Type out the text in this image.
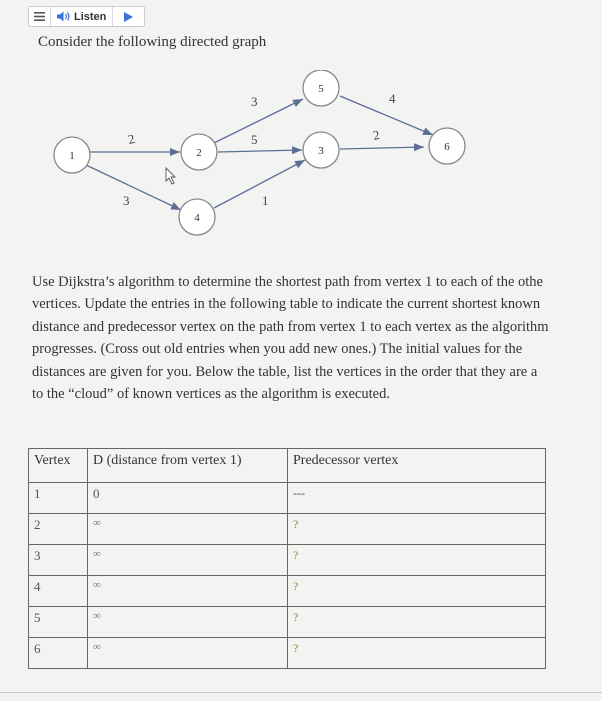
Listen
Consider the following directed graph
2
3
3
5
1
4
2
1	2	3
4
5
6
Use Dijkstra’s algorithm to determine the shortest path from vertex 1 to each of the othe
vertices. Update the entries in the following table to indicate the current shortest known
distance and predecessor vertex on the path from vertex 1 to each vertex as the algorithm
progresses. (Cross out old entries when you add new ones.) The initial values for the
distances are given for you. Below the table, list the vertices in the order that they are a
to the “cloud” of known vertices as the algorithm is executed.
Vertex	D (distance from vertex 1)	Predecessor vertex
1	0	---
2	∞	?
3	∞	?
4	∞	?
5	∞	?
6	∞	?
